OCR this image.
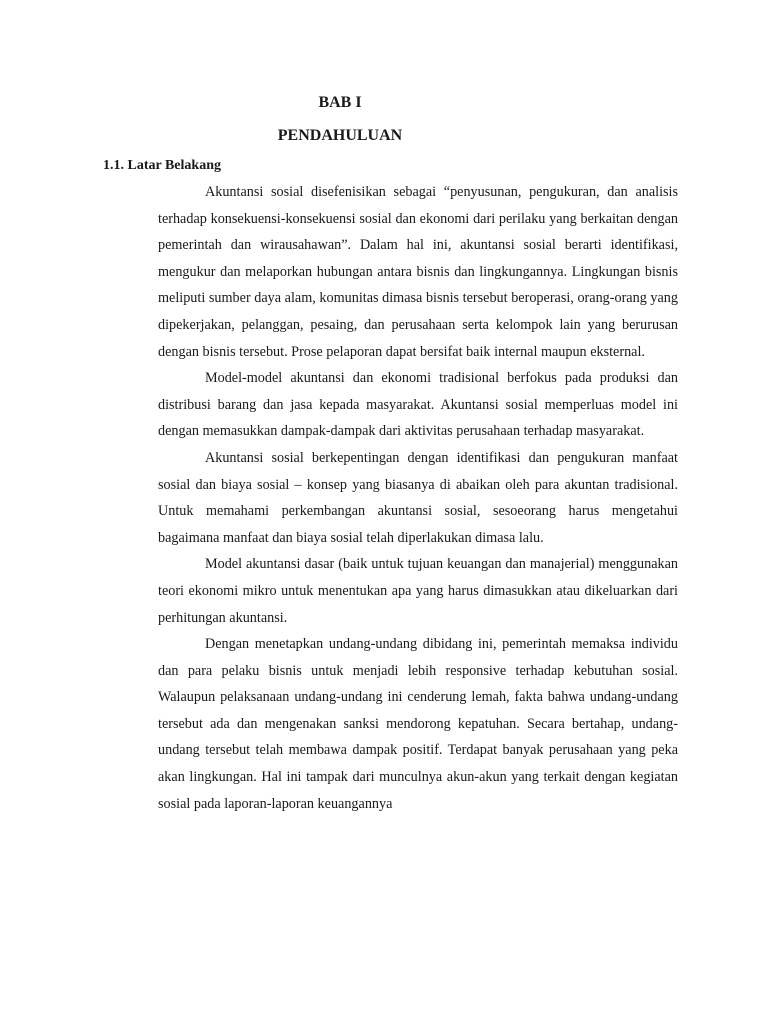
BAB I
PENDAHULUAN
1.1. Latar Belakang

Akuntansi sosial disefenisikan sebagai “penyusunan, pengukuran, dan analisis terhadap konsekuensi-konsekuensi sosial dan ekonomi dari perilaku yang berkaitan dengan pemerintah dan wirausahawan”. Dalam hal ini, akuntansi sosial berarti identifikasi, mengukur dan melaporkan hubungan antara bisnis dan lingkungannya. Lingkungan bisnis meliputi sumber daya alam, komunitas dimasa bisnis tersebut beroperasi, orang-orang yang dipekerjakan, pelanggan, pesaing, dan perusahaan serta kelompok lain yang berurusan dengan bisnis tersebut. Prose pelaporan dapat bersifat baik internal maupun eksternal.

Model-model akuntansi dan ekonomi tradisional berfokus pada produksi dan distribusi barang dan jasa kepada masyarakat. Akuntansi sosial memperluas model ini dengan memasukkan dampak-dampak dari aktivitas perusahaan terhadap masyarakat.

Akuntansi sosial berkepentingan dengan identifikasi dan pengukuran manfaat sosial dan biaya sosial – konsep yang biasanya di abaikan oleh para akuntan tradisional. Untuk memahami perkembangan akuntansi sosial, sesoeorang harus mengetahui bagaimana manfaat dan biaya sosial telah diperlakukan dimasa lalu.

Model akuntansi dasar (baik untuk tujuan keuangan dan manajerial) menggunakan teori ekonomi mikro untuk menentukan apa yang harus dimasukkan atau dikeluarkan dari perhitungan akuntansi.

Dengan menetapkan undang-undang dibidang ini, pemerintah memaksa individu dan para pelaku bisnis untuk menjadi lebih responsive terhadap kebutuhan sosial. Walaupun pelaksanaan undang-undang ini cenderung lemah, fakta bahwa undang-undang tersebut ada dan mengenakan sanksi mendorong kepatuhan. Secara bertahap, undang-undang tersebut telah membawa dampak positif. Terdapat banyak perusahaan yang peka akan lingkungan. Hal ini tampak dari munculnya akun-akun yang terkait dengan kegiatan sosial pada laporan-laporan keuangannya
